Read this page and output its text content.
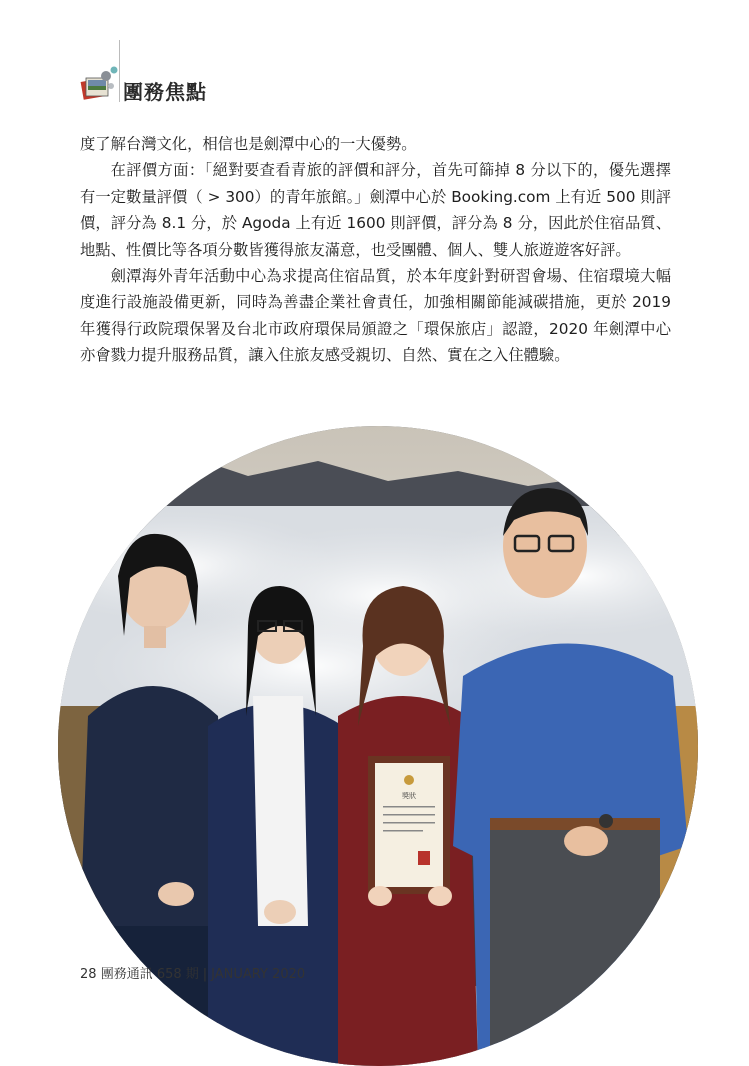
團務焦點

度了解台灣文化，相信也是劍潭中心的一大優勢。

在評價方面：「絕對要查看青旅的評價和評分，首先可篩掉 8 分以下的，優先選擇有一定數量評價（ > 300）的青年旅館。」劍潭中心於 Booking.com 上有近 500 則評價，評分為 8.1 分，於 Agoda 上有近 1600 則評價，評分為 8 分，因此於住宿品質、地點、性價比等各項分數皆獲得旅友滿意，也受團體、個人、雙人旅遊遊客好評。

劍潭海外青年活動中心為求提高住宿品質，於本年度針對研習會場、住宿環境大幅度進行設施設備更新，同時為善盡企業社會責任，加強相關節能減碳措施，更於 2019 年獲得行政院環保署及台北市政府環保局頒證之「環保旅店」認證，2020 年劍潭中心亦會戮力提升服務品質，讓入住旅友感受親切、自然、實在之入住體驗。

獎狀
28 團務通訊 658 期 | JANUARY 2020
